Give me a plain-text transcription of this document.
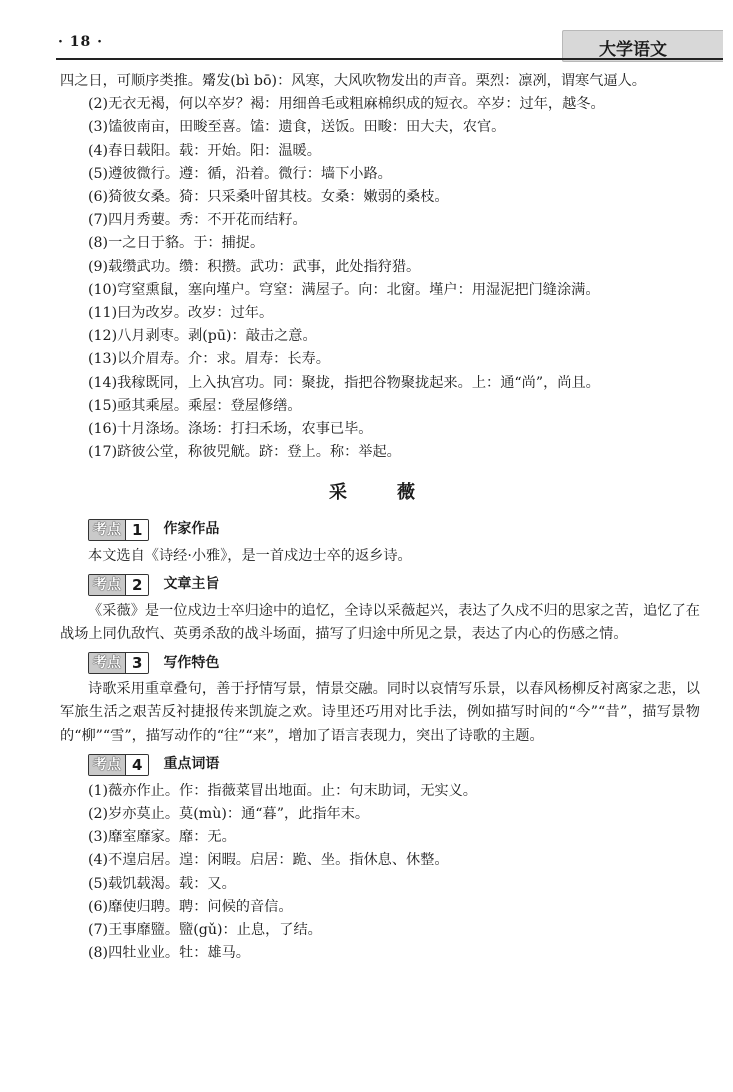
· 18 ·	大学语文

四之日，可顺序类推。觱发(bì bō)：风寒，大风吹物发出的声音。栗烈：凛冽，谓寒气逼人。

(2)无衣无褐，何以卒岁？褐：用细兽毛或粗麻棉织成的短衣。卒岁：过年，越冬。

(3)馌彼南亩，田畯至喜。馌：遗食，送饭。田畯：田大夫，农官。

(4)春日载阳。载：开始。阳：温暖。

(5)遵彼微行。遵：循，沿着。微行：墙下小路。

(6)猗彼女桑。猗：只采桑叶留其枝。女桑：嫩弱的桑枝。

(7)四月秀葽。秀：不开花而结籽。

(8)一之日于貉。于：捕捉。

(9)载缵武功。缵：积攒。武功：武事，此处指狩猎。

(10)穹窒熏鼠，塞向墐户。穹窒：满屋子。向：北窗。墐户：用湿泥把门缝涂满。

(11)曰为改岁。改岁：过年。

(12)八月剥枣。剥(pū)：敲击之意。

(13)以介眉寿。介：求。眉寿：长寿。

(14)我稼既同，上入执宫功。同：聚拢，指把谷物聚拢起来。上：通“尚”，尚且。

(15)亟其乘屋。乘屋：登屋修缮。

(16)十月涤场。涤场：打扫禾场，农事已毕。

(17)跻彼公堂，称彼兕觥。跻：登上。称：举起。

采　薇
考点 1	作家作品

本文选自《诗经·小雅》，是一首戍边士卒的返乡诗。

考点 2	文章主旨

《采薇》是一位戍边士卒归途中的追忆，全诗以采薇起兴，表达了久戍不归的思家之苦，追忆了在战场上同仇敌忾、英勇杀敌的战斗场面，描写了归途中所见之景，表达了内心的伤感之情。

考点 3	写作特色

诗歌采用重章叠句，善于抒情写景，情景交融。同时以哀情写乐景，以春风杨柳反衬离家之悲，以军旅生活之艰苦反衬捷报传来凯旋之欢。诗里还巧用对比手法，例如描写时间的“今”“昔”，描写景物的“柳”“雪”，描写动作的“往”“来”，增加了语言表现力，突出了诗歌的主题。

考点 4	重点词语

(1)薇亦作止。作：指薇菜冒出地面。止：句末助词，无实义。

(2)岁亦莫止。莫(mù)：通“暮”，此指年末。

(3)靡室靡家。靡：无。

(4)不遑启居。遑：闲暇。启居：跪、坐。指休息、休整。

(5)载饥载渴。载：又。

(6)靡使归聘。聘：问候的音信。

(7)王事靡盬。盬(gǔ)：止息，了结。

(8)四牡业业。牡：雄马。
